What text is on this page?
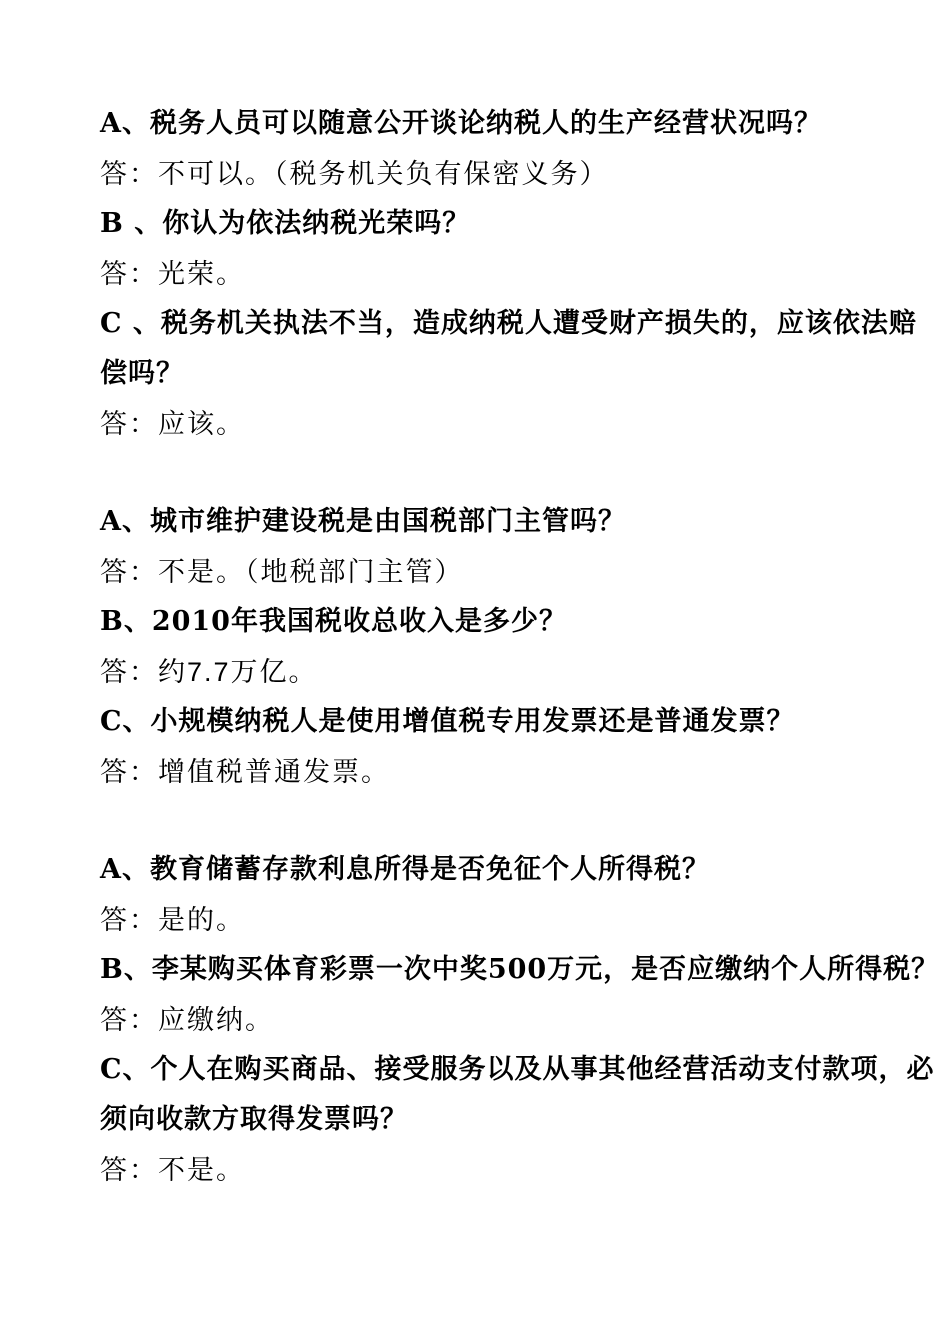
A、税务人员可以随意公开谈论纳税人的生产经营状况吗？
答：不可以。（税务机关负有保密义务）
B 、你认为依法纳税光荣吗？
答：光荣。
C 、税务机关执法不当，造成纳税人遭受财产损失的，应该依法赔
偿吗？
答：应该。
A、城市维护建设税是由国税部门主管吗？
答：不是。（地税部门主管）
B、2010年我国税收总收入是多少？
答：约7.7万亿。
C、小规模纳税人是使用增值税专用发票还是普通发票？
答：增值税普通发票。
A、教育储蓄存款利息所得是否免征个人所得税？
答：是的。
B、李某购买体育彩票一次中奖500万元，是否应缴纳个人所得税？
答：应缴纳。
C、个人在购买商品、接受服务以及从事其他经营活动支付款项，必
须向收款方取得发票吗？
答：不是。
